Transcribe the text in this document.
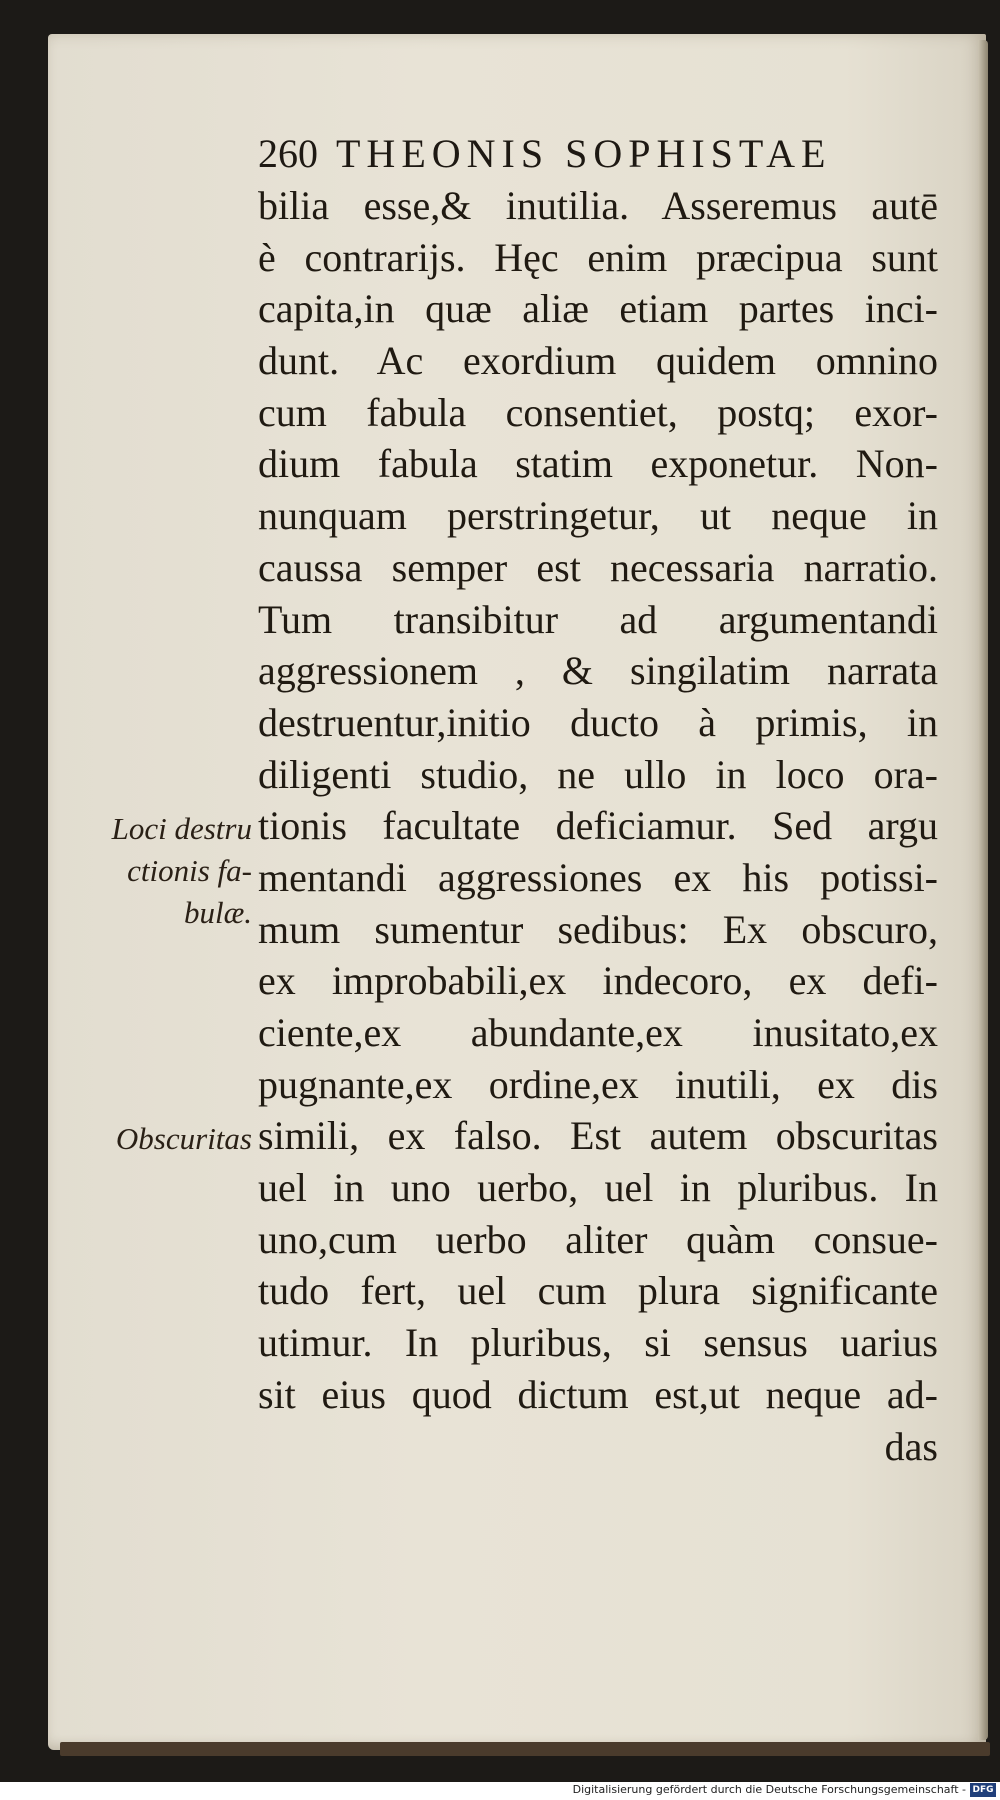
260 THEONIS SOPHISTAE
bilia esse,& inutilia. Asseremus autē
è contrarijs. Hęc enim præcipua sunt
capita,in quæ aliæ etiam partes inci-
dunt. Ac exordium quidem omnino
cum fabula consentiet, postq; exor-
dium fabula statim exponetur. Non-
nunquam perstringetur, ut neque in
caussa semper est necessaria narratio.
Tum transibitur ad argumentandi
aggressionem , & singilatim narrata
destruentur,initio ducto à primis, in
diligenti studio, ne ullo in loco ora-
tionis facultate deficiamur. Sed argu
mentandi aggressiones ex his potissi-
mum sumentur sedibus: Ex obscuro,
ex improbabili,ex indecoro, ex defi-
ciente,ex abundante,ex inusitato,ex
pugnante,ex ordine,ex inutili, ex dis
simili, ex falso. Est autem obscuritas
uel in uno uerbo, uel in pluribus. In
uno,cum uerbo aliter quàm consue-
tudo fert, uel cum plura significante
utimur. In pluribus, si sensus uarius
sit eius quod dictum est,ut neque ad-
das
Loci destru
ctionis fa-
bulæ.
Obscuritas
Digitalisierung gefördert durch die Deutsche Forschungsgemeinschaft - DFG
